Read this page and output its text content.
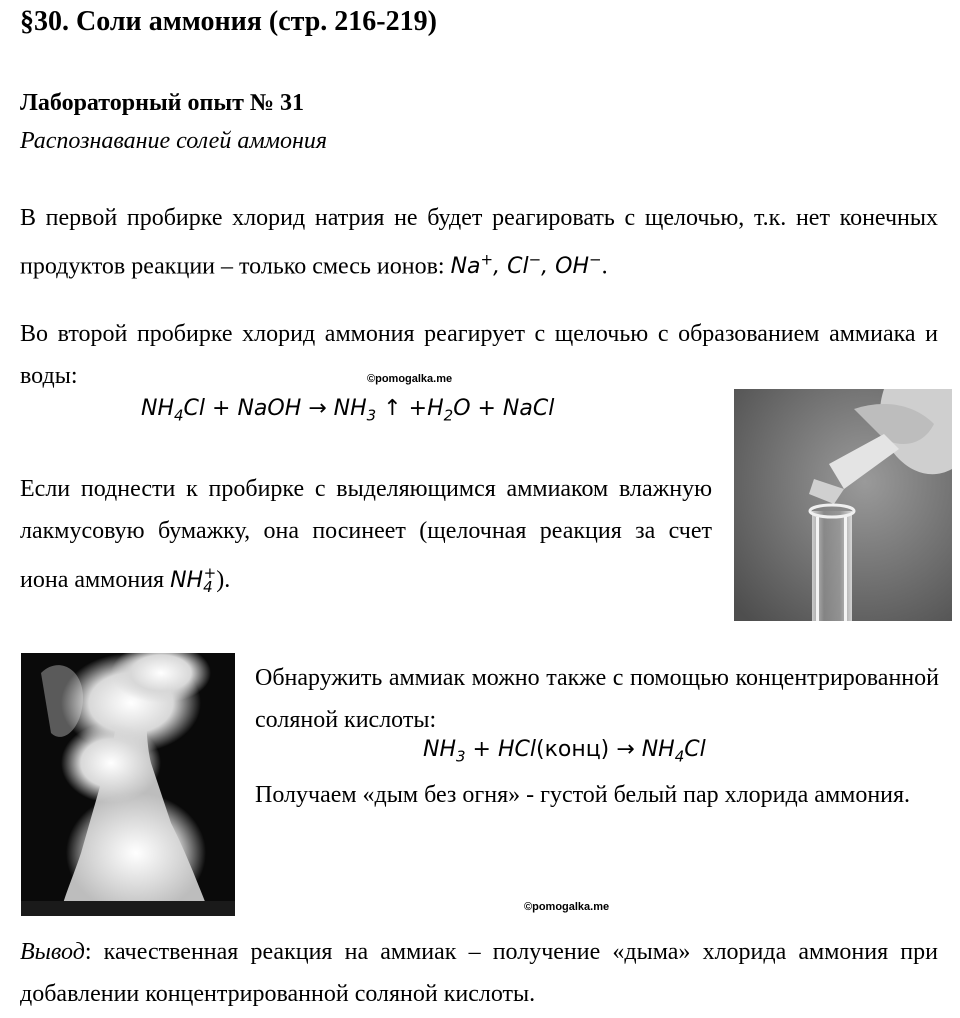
§30. Соли аммония (стр. 216-219)
Лабораторный опыт № 31
Распознавание солей аммония
В первой пробирке хлорид натрия не будет реагировать с щелочью, т.к. нет конечных продуктов реакции – только смесь ионов: Na+, Cl−, OH−.
Во второй пробирке хлорид аммония реагирует с щелочью с образованием аммиака и воды:	©pomogalka.me
$NH_4Cl$ + NaOH → $NH_3$ ↑ $+H_2O$ + NaCl
Если поднести к пробирке с выделяющимся аммиаком влажную лакмусовую бумажку, она посинеет (щелочная реакция за счет иона аммония $NH_4^+$).
Обнаружить аммиак можно также с помощью концентрированной соляной кислоты:
$NH_3$ + HCl(конц) → $NH_4Cl$
Получаем «дым без огня» - густой белый пар хлорида аммония.
©pomogalka.me
Вывод: качественная реакция на аммиак – получение «дыма» хлорида аммония при добавлении концентрированной соляной кислоты.
